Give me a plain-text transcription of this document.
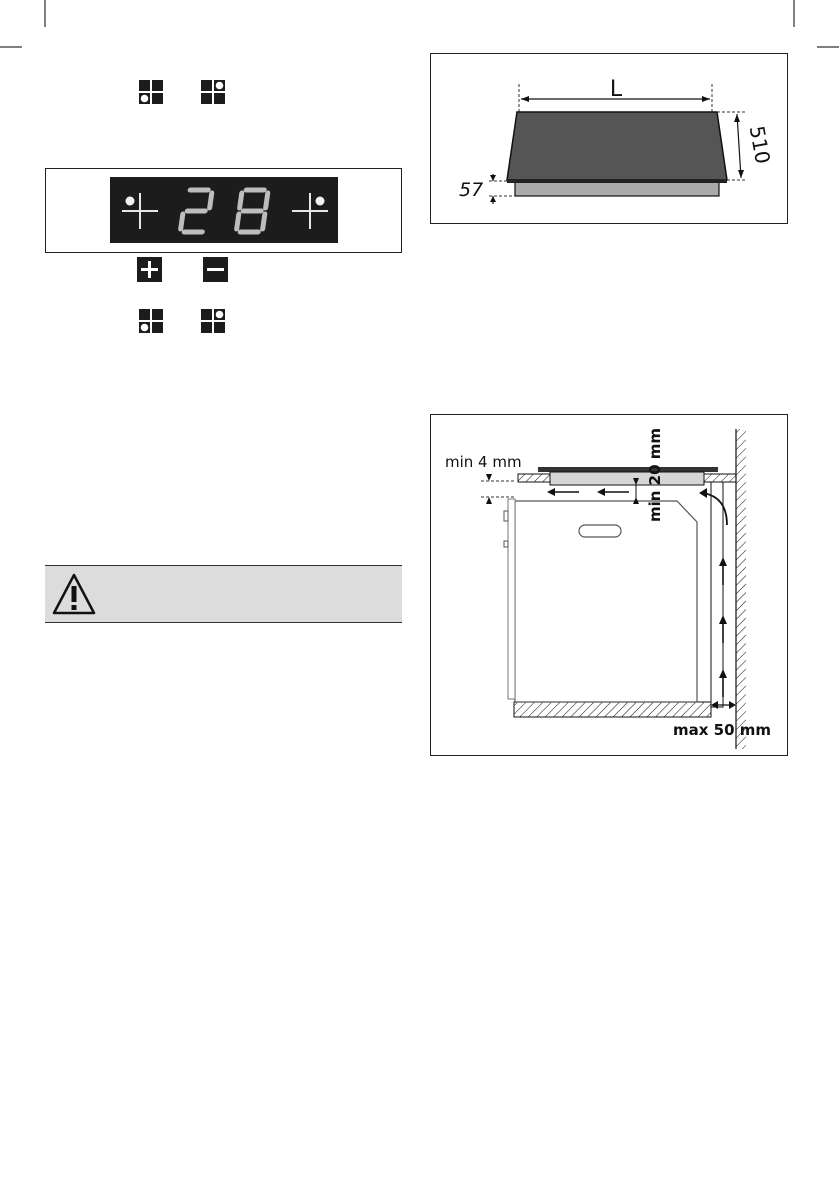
L
510
57
min 4 mm	min 20 mm
max 50 mm
